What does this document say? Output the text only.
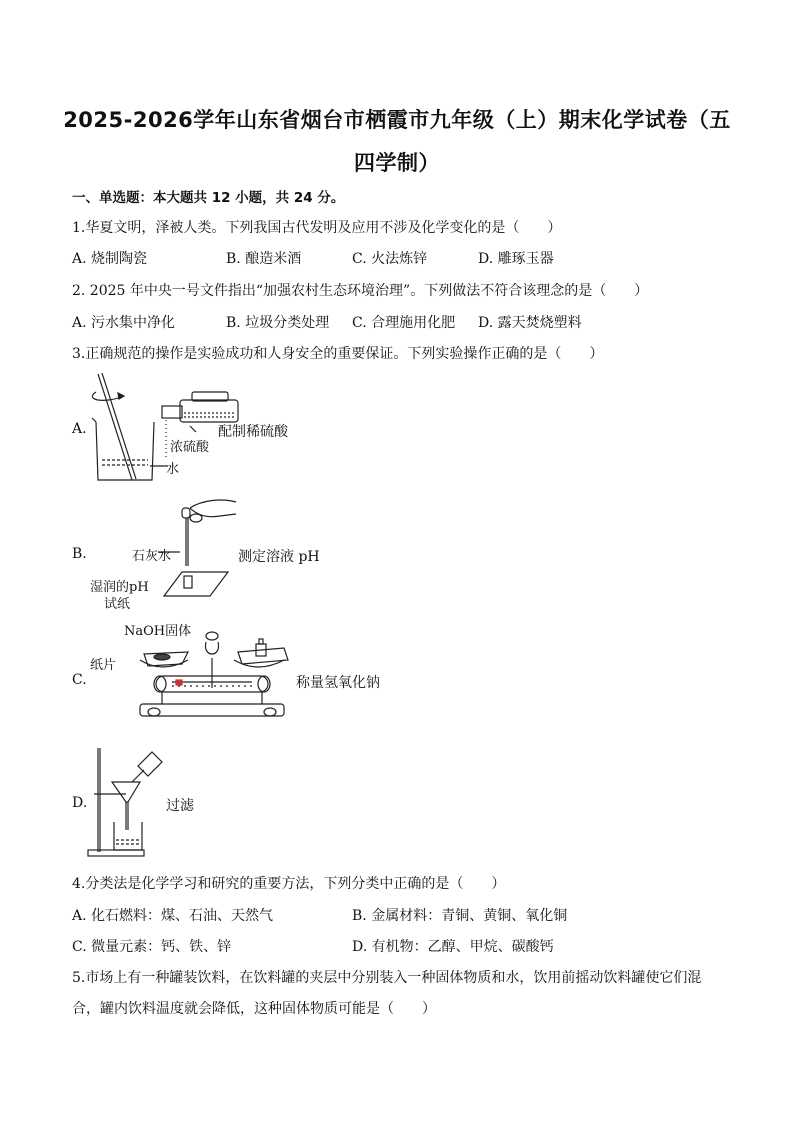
2025-2026学年山东省烟台市栖霞市九年级（上）期末化学试卷（五
四学制）
一、单选题：本大题共 12 小题，共 24 分。
1.华夏文明，泽被人类。下列我国古代发明及应用不涉及化学变化的是（　　）
A. 烧制陶瓷	B. 酿造米酒	C. 火法炼锌	D. 雕琢玉器
2. 2025 年中央一号文件指出“加强农村生态环境治理”。下列做法不符合该理念的是（　　）
A. 污水集中净化	B. 垃圾分类处理 C. 合理施用化肥 D. 露天焚烧塑料
3.正确规范的操作是实验成功和人身安全的重要保证。下列实验操作正确的是（　　）
A.
浓硫酸
水
配制稀硫酸
B.	石灰水
湿润的pH
试纸
测定溶液 pH
C.
NaOH固体
纸片
称量氢氧化钠
D.	过滤
4.分类法是化学学习和研究的重要方法，下列分类中正确的是（　　）
A. 化石燃料：煤、石油、天然气	B. 金属材料：青铜、黄铜、氧化铜
C. 微量元素：钙、铁、锌	D. 有机物：乙醇、甲烷、碳酸钙
5.市场上有一种罐装饮料，在饮料罐的夹层中分别装入一种固体物质和水，饮用前摇动饮料罐使它们混
合，罐内饮料温度就会降低，这种固体物质可能是（　　）
